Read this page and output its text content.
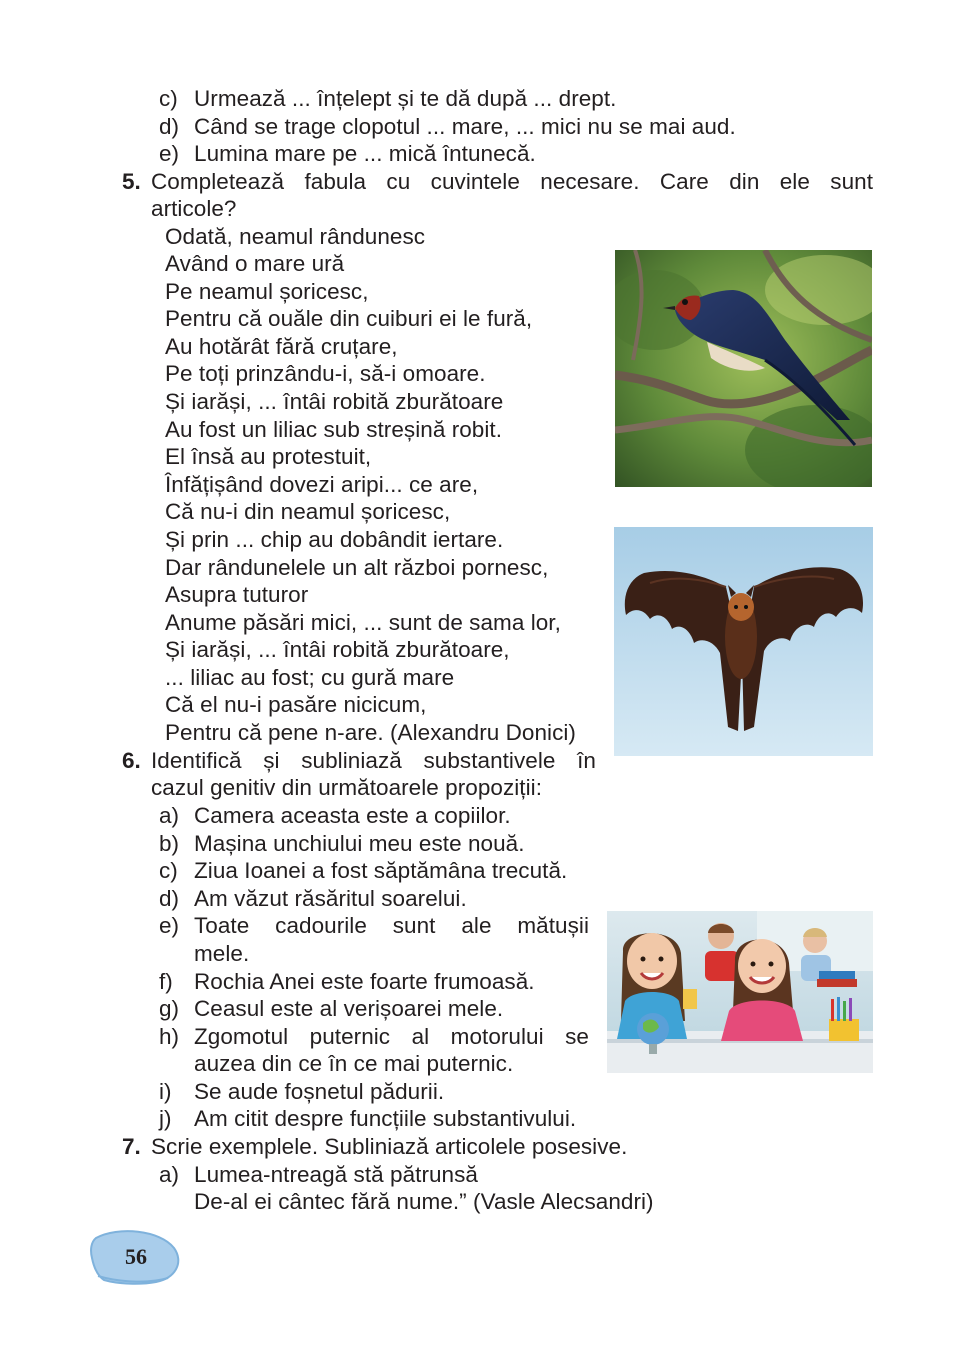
c) Urmează ... înțelept și te dă după ... drept.
d) Când se trage clopotul ... mare, ... mici nu se mai aud.
e) Lumina mare pe ... mică întunecă.
5. Completează fabula cu cuvintele necesare. Care din ele sunt
articole?
Odată, neamul rândunesc
Având o mare ură
Pe neamul șoricesc,
Pentru că ouăle din cuiburi ei le fură,
Au hotărât fără cruțare,
Pe toți prinzându-i, să-i omoare.
Și iarăși, ... întâi robită zburătoare
Au fost un liliac sub streșină robit.
El însă au protestuit,
Înfățișând dovezi aripi... ce are,
Că nu-i din neamul șoricesc,
Și prin ... chip au dobândit iertare.
Dar rândunelele un alt război pornesc,
Asupra tuturor
Anume păsări mici, ... sunt de sama lor,
Și iarăși, ... întâi robită zburătoare,
... liliac au fost; cu gură mare
Că el nu-i pasăre nicicum,
Pentru că pene n-are. (Alexandru Donici)
6. Identifică și subliniază substantivele în
cazul genitiv din următoarele propoziții:
a) Camera aceasta este a copiilor.
b) Mașina unchiului meu este nouă.
c) Ziua Ioanei a fost săptămâna trecută.
d) Am văzut răsăritul soarelui.
e) Toate cadourile sunt ale mătușii
mele.
f) Rochia Anei este foarte frumoasă.
g) Ceasul este al verișoarei mele.
h) Zgomotul puternic al motorului se
auzea din ce în ce mai puternic.
i) Se aude foșnetul pădurii.
j) Am citit despre funcțiile substantivului.
7. Scrie exemplele. Subliniază articolele posesive.
a) Lumea-ntreagă stă pătrunsă
De-al ei cântec fără nume.” (Vasle Alecsandri)
56
